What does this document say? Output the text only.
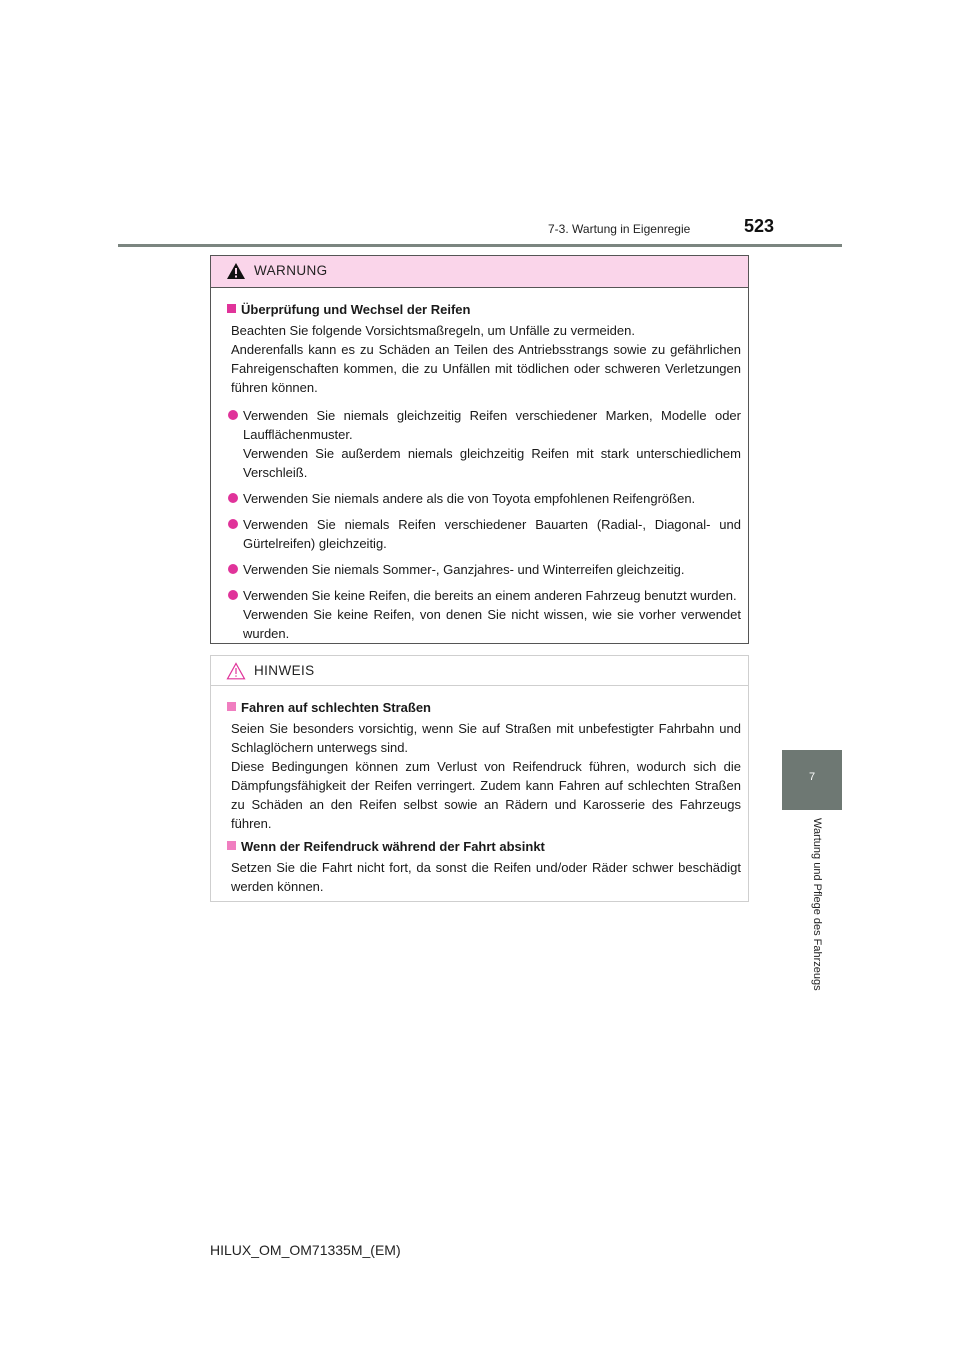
7-3. Wartung in Eigenregie	523
7
Wartung und Pflege des Fahrzeugs
WARNUNG
Überprüfung und Wechsel der Reifen
Beachten Sie folgende Vorsichtsmaßregeln, um Unfälle zu vermeiden.
Anderenfalls kann es zu Schäden an Teilen des Antriebsstrangs sowie zu gefährlichen Fahreigenschaften kommen, die zu Unfällen mit tödlichen oder schweren Verletzungen führen können.
Verwenden Sie niemals gleichzeitig Reifen verschiedener Marken, Modelle oder Laufflächenmuster.
Verwenden Sie außerdem niemals gleichzeitig Reifen mit stark unterschiedlichem Verschleiß.
Verwenden Sie niemals andere als die von Toyota empfohlenen Reifengrößen.
Verwenden Sie niemals Reifen verschiedener Bauarten (Radial-, Diagonal- und Gürtelreifen) gleichzeitig.
Verwenden Sie niemals Sommer-, Ganzjahres- und Winterreifen gleichzeitig.
Verwenden Sie keine Reifen, die bereits an einem anderen Fahrzeug benutzt wurden.
Verwenden Sie keine Reifen, von denen Sie nicht wissen, wie sie vorher verwendet wurden.
HINWEIS
Fahren auf schlechten Straßen
Seien Sie besonders vorsichtig, wenn Sie auf Straßen mit unbefestigter Fahrbahn und Schlaglöchern unterwegs sind.
Diese Bedingungen können zum Verlust von Reifendruck führen, wodurch sich die Dämpfungsfähigkeit der Reifen verringert. Zudem kann Fahren auf schlechten Straßen zu Schäden an den Reifen selbst sowie an Rädern und Karosserie des Fahrzeugs führen.
Wenn der Reifendruck während der Fahrt absinkt
Setzen Sie die Fahrt nicht fort, da sonst die Reifen und/oder Räder schwer beschädigt werden können.
HILUX_OM_OM71335M_(EM)
